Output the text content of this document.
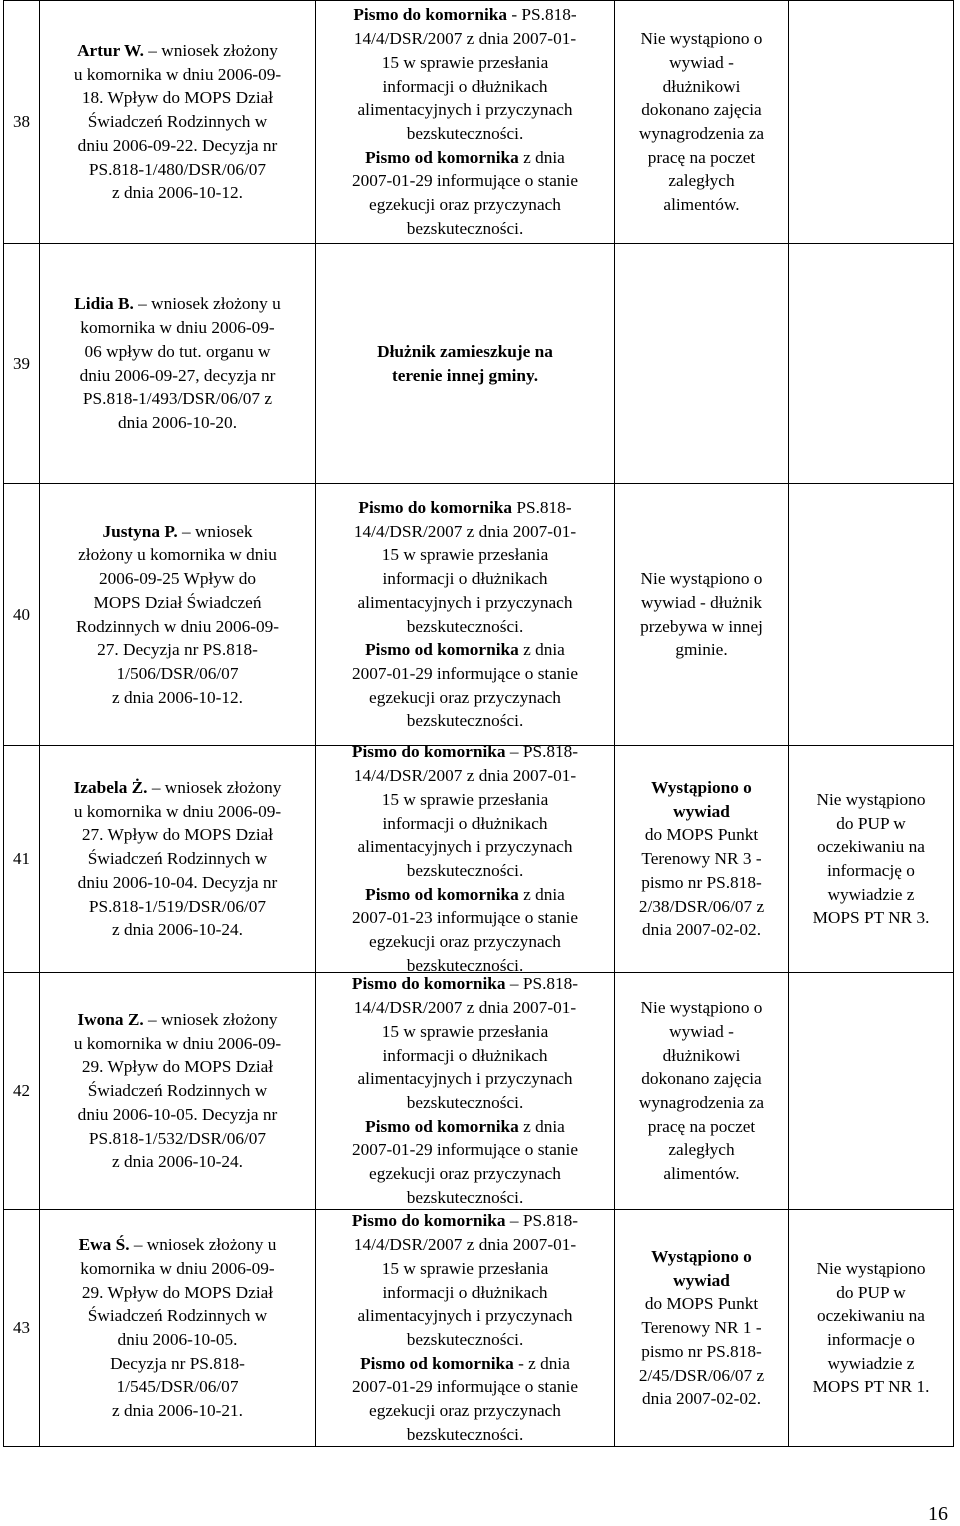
38
Artur W. – wniosek złożony
u komornika w dniu 2006-09-
18. Wpływ do MOPS Dział
Świadczeń Rodzinnych w
dniu 2006-09-22. Decyzja nr
PS.818-1/480/DSR/06/07
z dnia 2006-10-12.
Pismo do komornika - PS.818-
14/4/DSR/2007 z dnia 2007-01-
15 w sprawie przesłania
informacji o dłużnikach
alimentacyjnych i przyczynach
bezskuteczności.
Pismo od komornika z dnia
2007-01-29 informujące o stanie
egzekucji oraz przyczynach
bezskuteczności.
Nie wystąpiono o
wywiad -
dłużnikowi
dokonano zajęcia
wynagrodzenia za
pracę na poczet
zaległych
alimentów.
39
Lidia B. – wniosek złożony u
komornika w dniu 2006-09-
06 wpływ do tut. organu w
dniu 2006-09-27, decyzja nr
PS.818-1/493/DSR/06/07 z
dnia 2006-10-20.
Dłużnik zamieszkuje na
terenie innej gminy.
40
Justyna P. – wniosek
złożony u komornika w dniu
2006-09-25 Wpływ do
MOPS Dział Świadczeń
Rodzinnych w dniu 2006-09-
27. Decyzja nr PS.818-
1/506/DSR/06/07
z dnia 2006-10-12.
Pismo do komornika PS.818-
14/4/DSR/2007 z dnia 2007-01-
15 w sprawie przesłania
informacji o dłużnikach
alimentacyjnych i przyczynach
bezskuteczności.
Pismo od komornika z dnia
2007-01-29 informujące o stanie
egzekucji oraz przyczynach
bezskuteczności.
Nie wystąpiono o
wywiad - dłużnik
przebywa w innej
gminie.
41
Izabela Ż. – wniosek złożony
u komornika w dniu 2006-09-
27. Wpływ do MOPS Dział
Świadczeń Rodzinnych w
dniu 2006-10-04. Decyzja nr
PS.818-1/519/DSR/06/07
z dnia 2006-10-24.
Pismo do komornika – PS.818-
14/4/DSR/2007 z dnia 2007-01-
15 w sprawie przesłania
informacji o dłużnikach
alimentacyjnych i przyczynach
bezskuteczności.
Pismo od komornika z dnia
2007-01-23 informujące o stanie
egzekucji oraz przyczynach
bezskuteczności.
Wystąpiono o
wywiad
do MOPS Punkt
Terenowy NR 3 -
pismo nr PS.818-
2/38/DSR/06/07 z
dnia 2007-02-02.
Nie wystąpiono
do PUP w
oczekiwaniu na
informację o
wywiadzie z
MOPS PT NR 3.
42
Iwona Z. – wniosek złożony
u komornika w dniu 2006-09-
29. Wpływ do MOPS Dział
Świadczeń Rodzinnych w
dniu 2006-10-05. Decyzja nr
PS.818-1/532/DSR/06/07
z dnia 2006-10-24.
Pismo do komornika – PS.818-
14/4/DSR/2007 z dnia 2007-01-
15 w sprawie przesłania
informacji o dłużnikach
alimentacyjnych i przyczynach
bezskuteczności.
Pismo od komornika z dnia
2007-01-29 informujące o stanie
egzekucji oraz przyczynach
bezskuteczności.
Nie wystąpiono o
wywiad -
dłużnikowi
dokonano zajęcia
wynagrodzenia za
pracę na poczet
zaległych
alimentów.
43
Ewa Ś. – wniosek złożony u
komornika w dniu 2006-09-
29. Wpływ do MOPS Dział
Świadczeń Rodzinnych w
dniu 2006-10-05.
Decyzja nr PS.818-
1/545/DSR/06/07
z dnia 2006-10-21.
Pismo do komornika – PS.818-
14/4/DSR/2007 z dnia 2007-01-
15 w sprawie przesłania
informacji o dłużnikach
alimentacyjnych i przyczynach
bezskuteczności.
Pismo od komornika - z dnia
2007-01-29 informujące o stanie
egzekucji oraz przyczynach
bezskuteczności.
Wystąpiono o
wywiad
do MOPS Punkt
Terenowy NR 1 -
pismo nr PS.818-
2/45/DSR/06/07 z
dnia 2007-02-02.
Nie wystąpiono
do PUP w
oczekiwaniu na
informacje o
wywiadzie z
MOPS PT NR 1.
16
